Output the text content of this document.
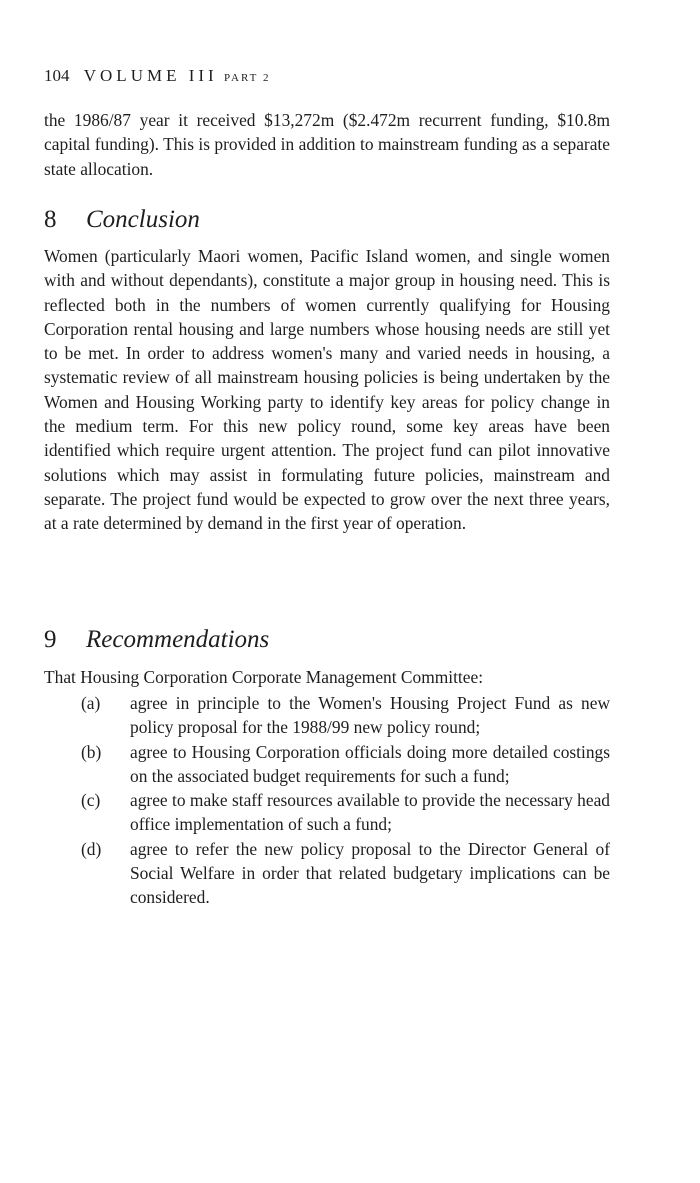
104 VOLUME III PART 2

the 1986/87 year it received $13,272m ($2.472m recurrent funding, $10.8m capital funding). This is provided in addition to mainstream funding as a separate state allocation.

8 Conclusion

Women (particularly Maori women, Pacific Island women, and single women with and without dependants), constitute a major group in housing need. This is reflected both in the numbers of women currently qualifying for Housing Corporation rental housing and large numbers whose housing needs are still yet to be met. In order to address women's many and varied needs in housing, a systematic review of all mainstream housing policies is being undertaken by the Women and Housing Working party to identify key areas for policy change in the medium term. For this new policy round, some key areas have been identified which require urgent attention. The project fund can pilot innovative solutions which may assist in formulating future policies, mainstream and separate. The project fund would be expected to grow over the next three years, at a rate determined by demand in the first year of operation.

9 Recommendations

That Housing Corporation Corporate Management Committee:

(a)	agree in principle to the Women's Housing Project Fund as new policy proposal for the 1988/99 new policy round;
(b)	agree to Housing Corporation officials doing more detailed costings on the associated budget requirements for such a fund;
(c)	agree to make staff resources available to provide the necessary head office implementation of such a fund;
(d)	agree to refer the new policy proposal to the Director General of Social Welfare in order that related budgetary implications can be considered.
